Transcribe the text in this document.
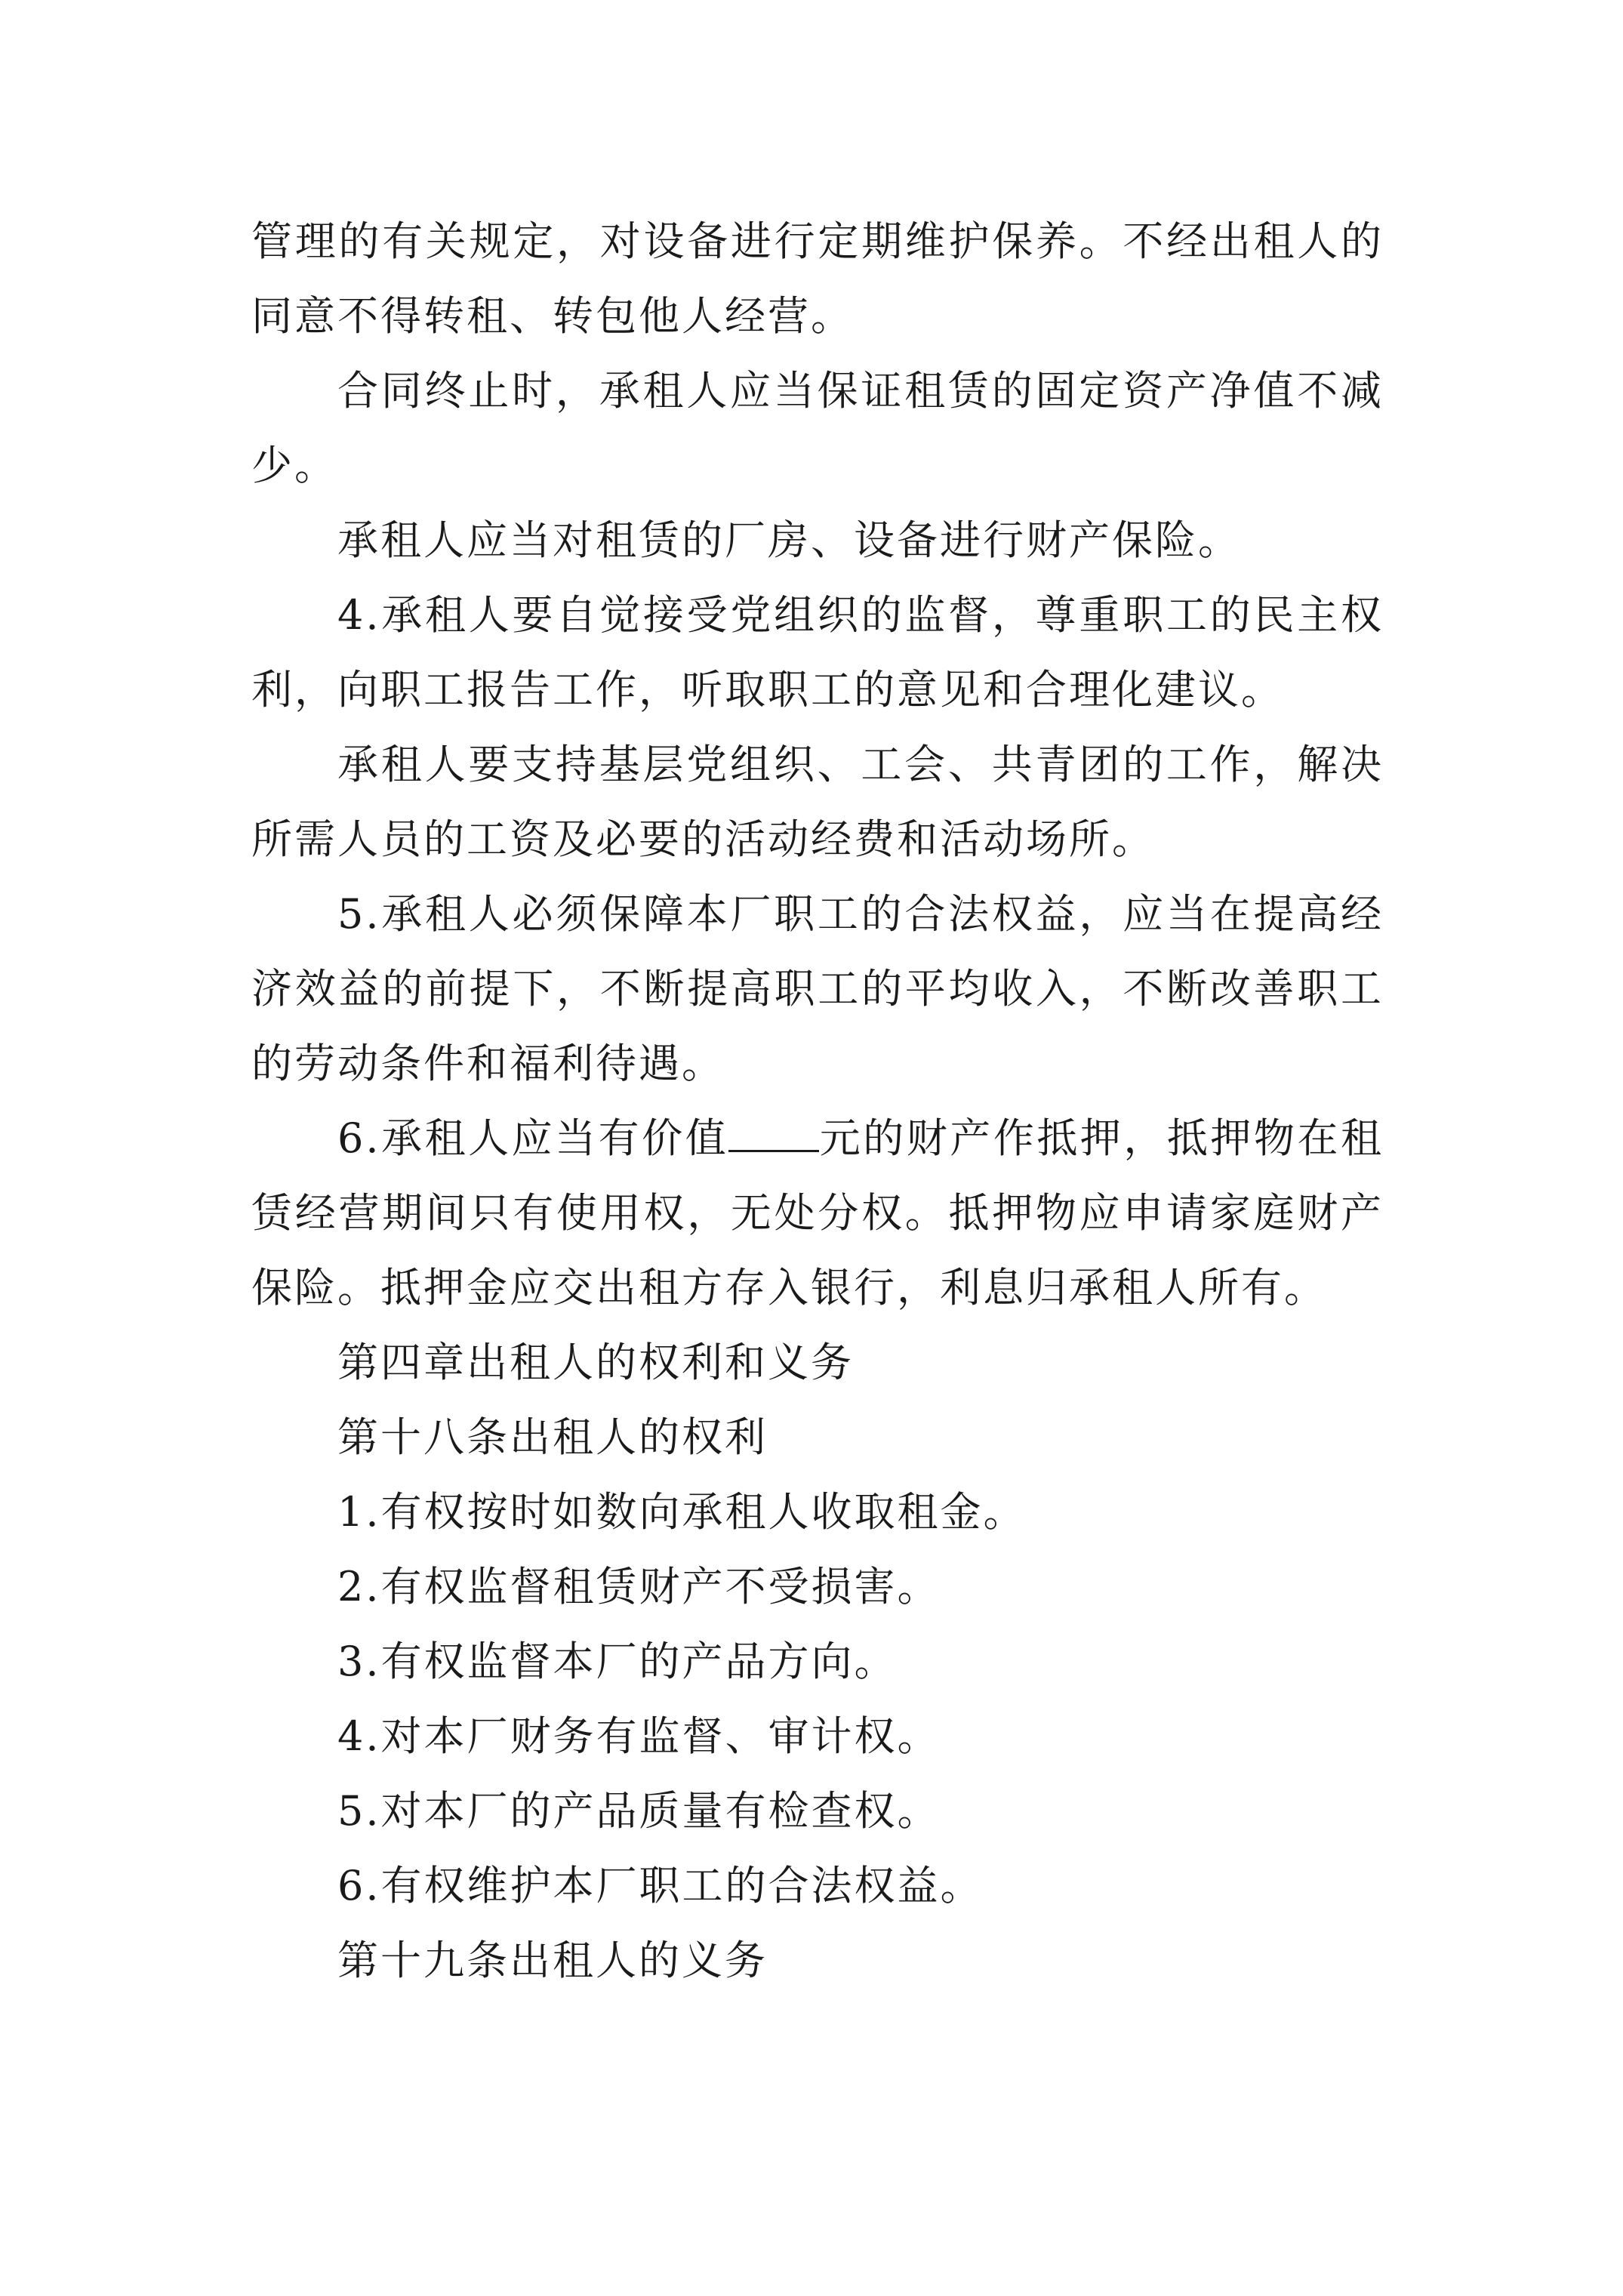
管理的有关规定，对设备进行定期维护保养。不经出租人的同意不得转租、转包他人经营。

合同终止时，承租人应当保证租赁的固定资产净值不减少。

承租人应当对租赁的厂房、设备进行财产保险。

4.承租人要自觉接受党组织的监督，尊重职工的民主权利，向职工报告工作，听取职工的意见和合理化建议。

承租人要支持基层党组织、工会、共青团的工作，解决所需人员的工资及必要的活动经费和活动场所。

5.承租人必须保障本厂职工的合法权益，应当在提高经济效益的前提下，不断提高职工的平均收入，不断改善职工的劳动条件和福利待遇。

6.承租人应当有价值 元的财产作抵押，抵押物在租赁经营期间只有使用权，无处分权。抵押物应申请家庭财产保险。抵押金应交出租方存入银行，利息归承租人所有。

第四章出租人的权利和义务

第十八条出租人的权利

1.有权按时如数向承租人收取租金。

2.有权监督租赁财产不受损害。

3.有权监督本厂的产品方向。

4.对本厂财务有监督、审计权。

5.对本厂的产品质量有检查权。

6.有权维护本厂职工的合法权益。

第十九条出租人的义务
